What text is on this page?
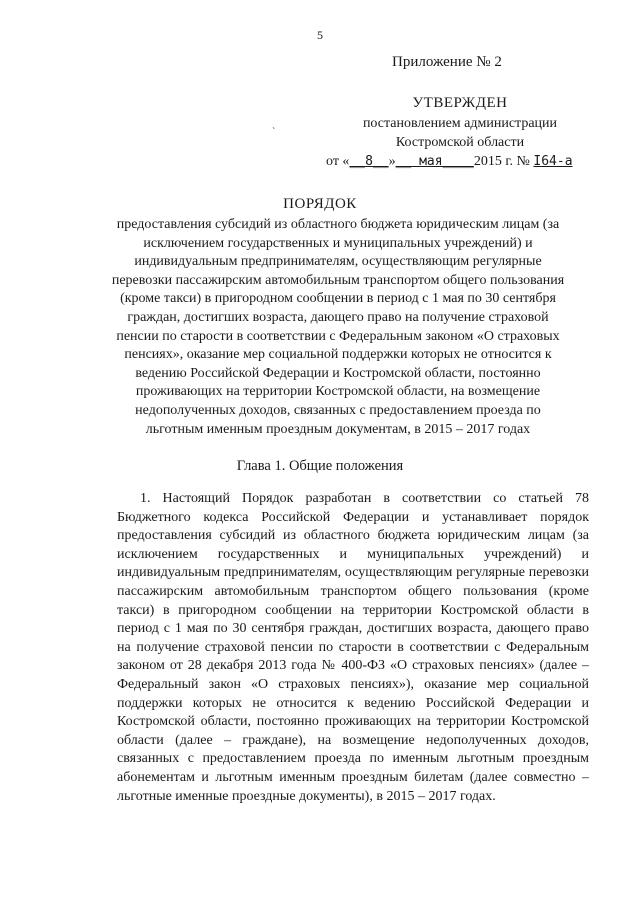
5
Приложение № 2
`
УТВЕРЖДЕН
постановлением администрации
Костромской области
от «__8__»__ мая____2015 г. № I64-а
ПОРЯДОК
предоставления субсидий из областного бюджета юридическим лицам (за исключением государственных и муниципальных учреждений) и индивидуальным предпринимателям, осуществляющим регулярные перевозки пассажирским автомобильным транспортом общего пользования (кроме такси) в пригородном сообщении в период с 1 мая по 30 сентября граждан, достигших возраста, дающего право на получение страховой пенсии по старости в соответствии с Федеральным законом «О страховых пенсиях», оказание мер социальной поддержки которых не относится к ведению Российской Федерации и Костромской области, постоянно проживающих на территории Костромской области, на возмещение недополученных доходов, связанных с предоставлением проезда по льготным именным проездным документам, в 2015 – 2017 годах
Глава 1. Общие положения
1. Настоящий Порядок разработан в соответствии со статьей 78 Бюджетного кодекса Российской Федерации и устанавливает порядок предоставления субсидий из областного бюджета юридическим лицам (за исключением государственных и муниципальных учреждений) и индивидуальным предпринимателям, осуществляющим регулярные перевозки пассажирским автомобильным транспортом общего пользования (кроме такси) в пригородном сообщении на территории Костромской области в период с 1 мая по 30 сентября граждан, достигших возраста, дающего право на получение страховой пенсии по старости в соответствии с Федеральным законом от 28 декабря 2013 года № 400-ФЗ «О страховых пенсиях» (далее – Федеральный закон «О страховых пенсиях»), оказание мер социальной поддержки которых не относится к ведению Российской Федерации и Костромской области, постоянно проживающих на территории Костромской области (далее – граждане), на возмещение недополученных доходов, связанных с предоставлением проезда по именным льготным проездным абонементам и льготным именным проездным билетам (далее совместно – льготные именные проездные документы), в 2015 – 2017 годах.
